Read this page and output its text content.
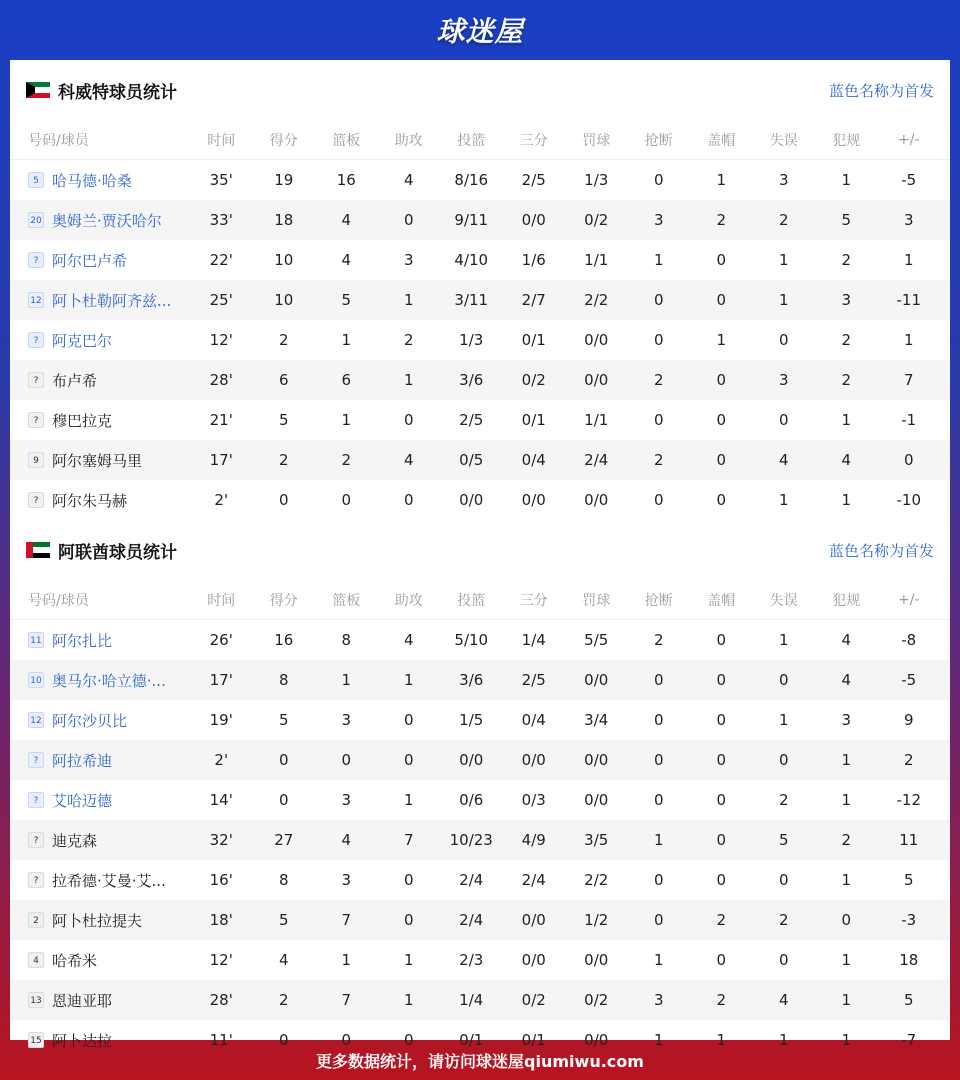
球迷屋
科威特球员统计	蓝色名称为首发
号码/球员	时间	得分	篮板	助攻	投篮	三分	罚球	抢断	盖帽	失误	犯规	+/-
5 哈马德·哈桑	35'	19	16	4	8/16	2/5	1/3	0	1	3	1	-5
20 奥姆兰·贾沃哈尔	33'	18	4	0	9/11	0/0	0/2	3	2	2	5	3
? 阿尔巴卢希	22'	10	4	3	4/10	1/6	1/1	1	0	1	2	1
12 阿卜杜勒阿齐兹...	25'	10	5	1	3/11	2/7	2/2	0	0	1	3	-11
? 阿克巴尔	12'	2	1	2	1/3	0/1	0/0	0	1	0	2	1
? 布卢希	28'	6	6	1	3/6	0/2	0/0	2	0	3	2	7
? 穆巴拉克	21'	5	1	0	2/5	0/1	1/1	0	0	0	1	-1
9 阿尔塞姆马里	17'	2	2	4	0/5	0/4	2/4	2	0	4	4	0
? 阿尔朱马赫	2'	0	0	0	0/0	0/0	0/0	0	0	1	1	-10
阿联酋球员统计	蓝色名称为首发
号码/球员	时间	得分	篮板	助攻	投篮	三分	罚球	抢断	盖帽	失误	犯规	+/-
11 阿尔扎比	26'	16	8	4	5/10	1/4	5/5	2	0	1	4	-8
10 奥马尔·哈立德·...	17'	8	1	1	3/6	2/5	0/0	0	0	0	4	-5
12 阿尔沙贝比	19'	5	3	0	1/5	0/4	3/4	0	0	1	3	9
? 阿拉希迪	2'	0	0	0	0/0	0/0	0/0	0	0	0	1	2
? 艾哈迈德	14'	0	3	1	0/6	0/3	0/0	0	0	2	1	-12
? 迪克森	32'	27	4	7	10/23	4/9	3/5	1	0	5	2	11
? 拉希德·艾曼·艾...	16'	8	3	0	2/4	2/4	2/2	0	0	0	1	5
2 阿卜杜拉提夫	18'	5	7	0	2/4	0/0	1/2	0	2	2	0	-3
4 哈希米	12'	4	1	1	2/3	0/0	0/0	1	0	0	1	18
13 恩迪亚耶	28'	2	7	1	1/4	0/2	0/2	3	2	4	1	5
15 阿卜达拉	11'	0	0	0	0/1	0/1	0/0	1	1	1	1	-7
更多数据统计，请访问球迷屋qiumiwu.com
